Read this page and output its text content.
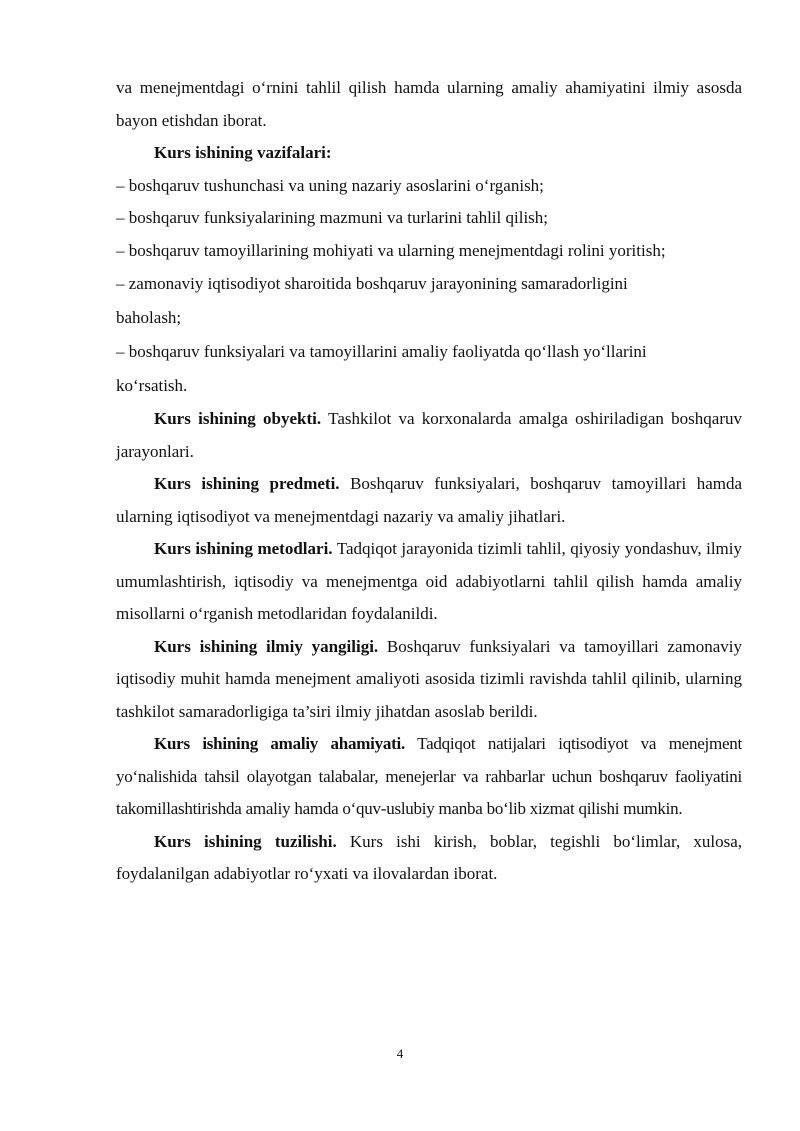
va menejmentdagi o‘rnini tahlil qilish hamda ularning amaliy ahamiyatini ilmiy asosda bayon etishdan iborat.

Kurs ishining vazifalari:

– boshqaruv tushunchasi va uning nazariy asoslarini o‘rganish;

– boshqaruv funksiyalarining mazmuni va turlarini tahlil qilish;

– boshqaruv tamoyillarining mohiyati va ularning menejmentdagi rolini yoritish;

– zamonaviy iqtisodiyot sharoitida boshqaruv jarayonining samaradorligini baholash;

– boshqaruv funksiyalari va tamoyillarini amaliy faoliyatda qo‘llash yo‘llarini ko‘rsatish.

Kurs ishining obyekti. Tashkilot va korxonalarda amalga oshiriladigan boshqaruv jarayonlari.

Kurs ishining predmeti. Boshqaruv funksiyalari, boshqaruv tamoyillari hamda ularning iqtisodiyot va menejmentdagi nazariy va amaliy jihatlari.

Kurs ishining metodlari. Tadqiqot jarayonida tizimli tahlil, qiyosiy yondashuv, ilmiy umumlashtirish, iqtisodiy va menejmentga oid adabiyotlarni tahlil qilish hamda amaliy misollarni o‘rganish metodlaridan foydalanildi.

Kurs ishining ilmiy yangiligi. Boshqaruv funksiyalari va tamoyillari zamonaviy iqtisodiy muhit hamda menejment amaliyoti asosida tizimli ravishda tahlil qilinib, ularning tashkilot samaradorligiga ta’siri ilmiy jihatdan asoslab berildi.

Kurs ishining amaliy ahamiyati. Tadqiqot natijalari iqtisodiyot va menejment yo‘nalishida tahsil olayotgan talabalar, menejerlar va rahbarlar uchun boshqaruv faoliyatini takomillashtirishda amaliy hamda o‘quv-uslubiy manba bo‘lib xizmat qilishi mumkin.

Kurs ishining tuzilishi. Kurs ishi kirish, boblar, tegishli bo‘limlar, xulosa, foydalanilgan adabiyotlar ro‘yxati va ilovalardan iborat.

4
